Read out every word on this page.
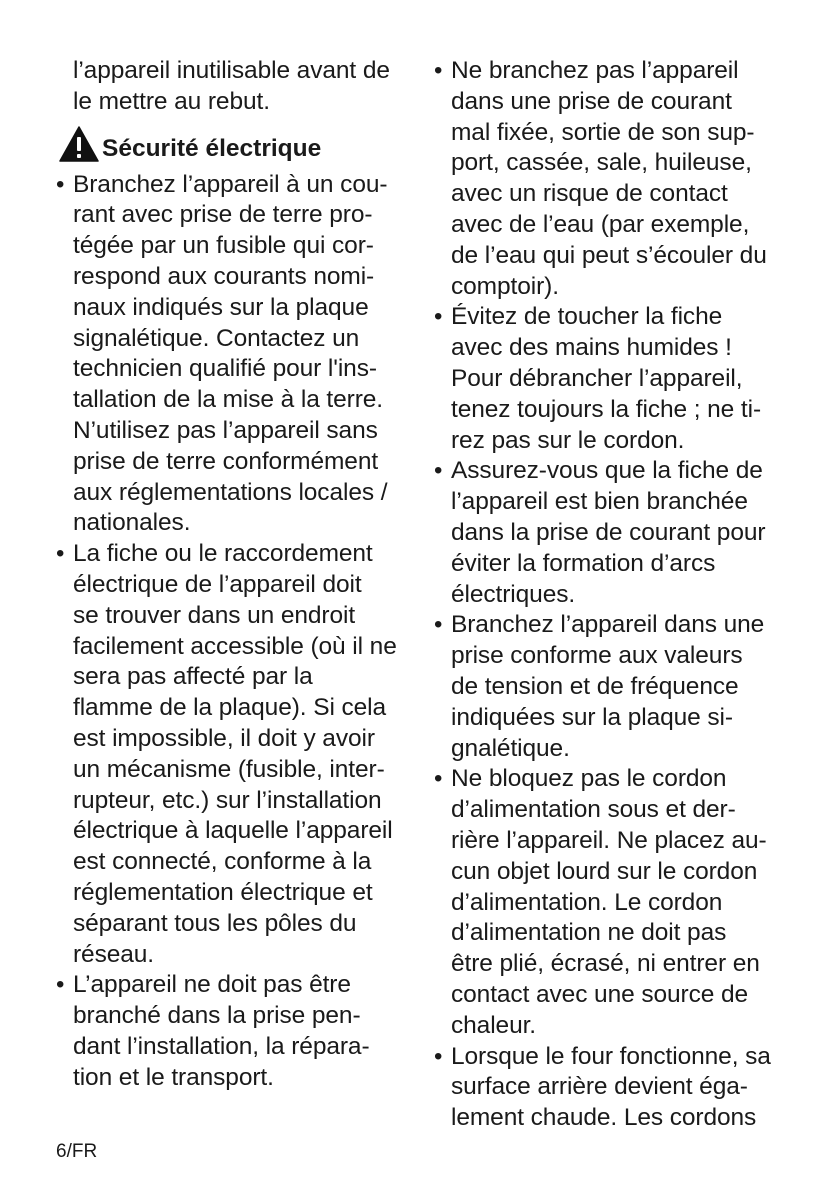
l’appareil inutilisable avant de
le mettre au rebut.
Sécurité électrique
• Branchez l’appareil à un cou-
rant avec prise de terre pro-
tégée par un fusible qui cor-
respond aux courants nomi-
naux indiqués sur la plaque
signalétique. Contactez un
technicien qualifié pour l'ins-
tallation de la mise à la terre.
N’utilisez pas l’appareil sans
prise de terre conformément
aux réglementations locales /
nationales.
• La fiche ou le raccordement
électrique de l’appareil doit
se trouver dans un endroit
facilement accessible (où il ne
sera pas affecté par la
flamme de la plaque). Si cela
est impossible, il doit y avoir
un mécanisme (fusible, inter-
rupteur, etc.) sur l’installation
électrique à laquelle l’appareil
est connecté, conforme à la
réglementation électrique et
séparant tous les pôles du
réseau.
• L’appareil ne doit pas être
branché dans la prise pen-
dant l’installation, la répara-
tion et le transport.
• Ne branchez pas l’appareil
dans une prise de courant
mal fixée, sortie de son sup-
port, cassée, sale, huileuse,
avec un risque de contact
avec de l’eau (par exemple,
de l’eau qui peut s’écouler du
comptoir).
• Évitez de toucher la fiche
avec des mains humides !
Pour débrancher l’appareil,
tenez toujours la fiche ; ne ti-
rez pas sur le cordon.
• Assurez-vous que la fiche de
l’appareil est bien branchée
dans la prise de courant pour
éviter la formation d’arcs
électriques.
• Branchez l’appareil dans une
prise conforme aux valeurs
de tension et de fréquence
indiquées sur la plaque si-
gnalétique.
• Ne bloquez pas le cordon
d’alimentation sous et der-
rière l’appareil. Ne placez au-
cun objet lourd sur le cordon
d’alimentation. Le cordon
d’alimentation ne doit pas
être plié, écrasé, ni entrer en
contact avec une source de
chaleur.
• Lorsque le four fonctionne, sa
surface arrière devient éga-
lement chaude. Les cordons
6/FR
